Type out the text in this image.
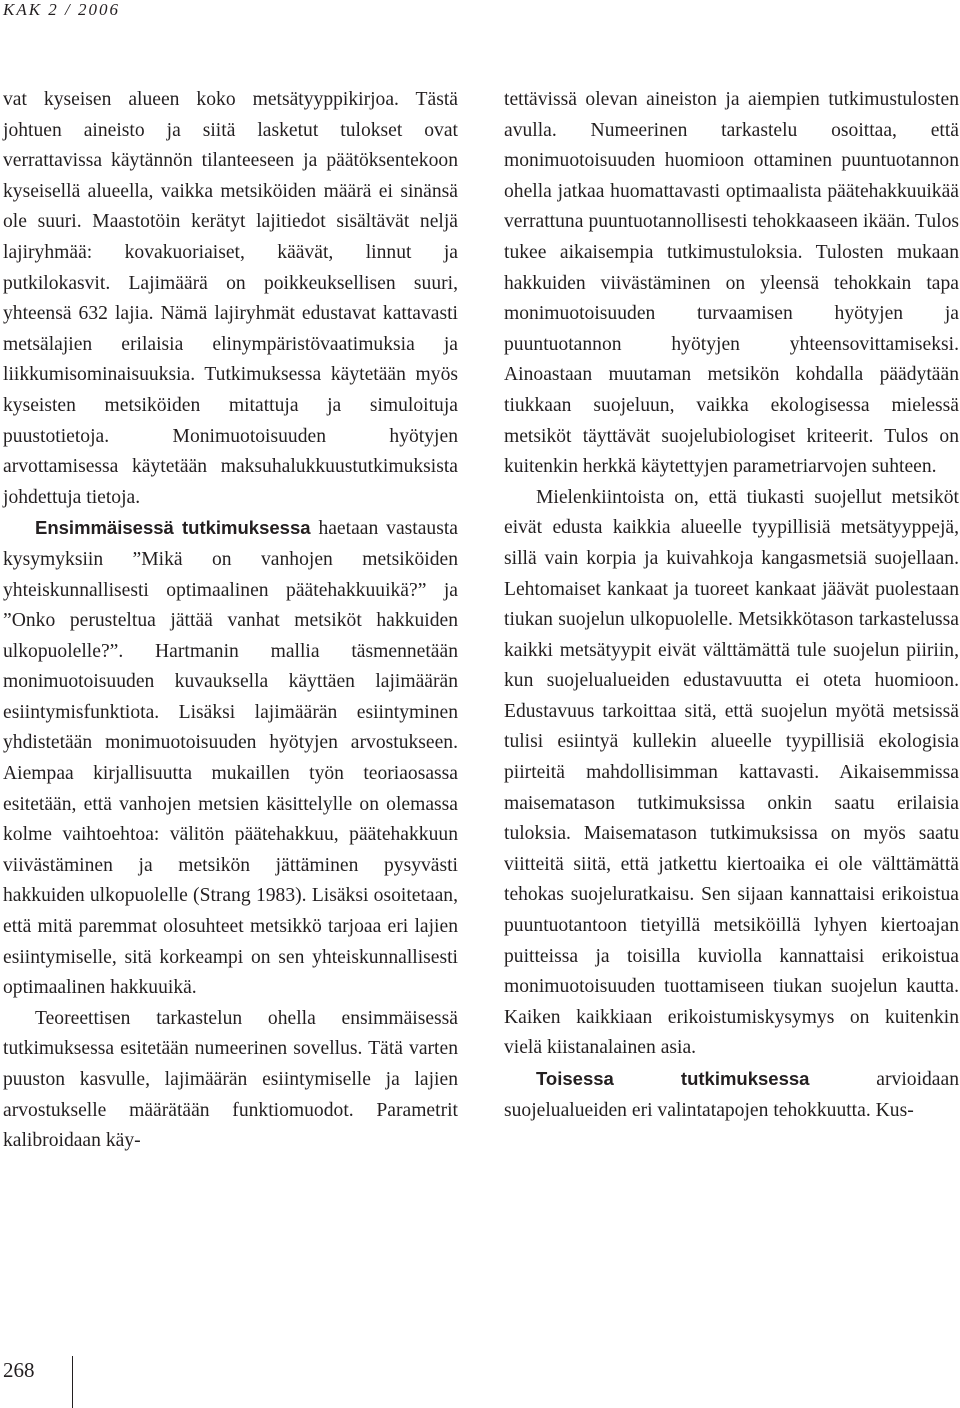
KAK 2 / 2006

vat kyseisen alueen koko metsätyyppikirjoa. Tästä johtuen aineisto ja siitä lasketut tulokset ovat verrattavissa käytännön tilanteeseen ja päätöksentekoon kyseisellä alueella, vaikka metsiköiden määrä ei sinänsä ole suuri. Maastotöin kerätyt lajitiedot sisältävät neljä lajiryhmää: kovakuoriaiset, käävät, linnut ja putkilokasvit. Lajimäärä on poikkeuksellisen suuri, yhteensä 632 lajia. Nämä lajiryhmät edustavat kattavasti metsälajien erilaisia elinympäristövaatimuksia ja liikkumisominaisuuksia. Tutkimuksessa käytetään myös kyseisten metsiköiden mitattuja ja simuloituja puustotietoja. Monimuotoisuuden hyötyjen arvottamisessa käytetään maksuhalukkuustutkimuksista johdettuja tietoja.

Ensimmäisessä tutkimuksessa haetaan vastausta kysymyksiin ”Mikä on vanhojen metsiköiden yhteiskunnallisesti optimaalinen päätehakkuuikä?” ja ”Onko perusteltua jättää vanhat metsiköt hakkuiden ulkopuolelle?”. Hartmanin mallia täsmennetään monimuotoisuuden kuvauksella käyttäen lajimäärän esiintymisfunktiota. Lisäksi lajimäärän esiintyminen yhdistetään monimuotoisuuden hyötyjen arvostukseen. Aiempaa kirjallisuutta mukaillen työn teoriaosassa esitetään, että vanhojen metsien käsittelylle on olemassa kolme vaihtoehtoa: välitön päätehakkuu, päätehakkuun viivästäminen ja metsikön jättäminen pysyvästi hakkuiden ulkopuolelle (Strang 1983). Lisäksi osoitetaan, että mitä paremmat olosuhteet metsikkö tarjoaa eri lajien esiintymiselle, sitä korkeampi on sen yhteiskunnallisesti optimaalinen hakkuuikä.

Teoreettisen tarkastelun ohella ensimmäisessä tutkimuksessa esitetään numeerinen sovellus. Tätä varten puuston kasvulle, lajimäärän esiintymiselle ja lajien arvostukselle määrätään funktiomuodot. Parametrit kalibroidaan käy-

tettävissä olevan aineiston ja aiempien tutkimustulosten avulla. Numeerinen tarkastelu osoittaa, että monimuotoisuuden huomioon ottaminen puuntuotannon ohella jatkaa huomattavasti optimaalista päätehakkuuikää verrattuna puuntuotannollisesti tehokkaaseen ikään. Tulos tukee aikaisempia tutkimustuloksia. Tulosten mukaan hakkuiden viivästäminen on yleensä tehokkain tapa monimuotoisuuden turvaamisen hyötyjen ja puuntuotannon hyötyjen yhteensovittamiseksi. Ainoastaan muutaman metsikön kohdalla päädytään tiukkaan suojeluun, vaikka ekologisessa mielessä metsiköt täyttävät suojelubiologiset kriteerit. Tulos on kuitenkin herkkä käytettyjen parametriarvojen suhteen.

Mielenkiintoista on, että tiukasti suojellut metsiköt eivät edusta kaikkia alueelle tyypillisiä metsätyyppejä, sillä vain korpia ja kuivahkoja kangasmetsiä suojellaan. Lehtomaiset kankaat ja tuoreet kankaat jäävät puolestaan tiukan suojelun ulkopuolelle. Metsikkötason tarkastelussa kaikki metsätyypit eivät välttämättä tule suojelun piiriin, kun suojelualueiden edustavuutta ei oteta huomioon. Edustavuus tarkoittaa sitä, että suojelun myötä metsissä tulisi esiintyä kullekin alueelle tyypillisiä ekologisia piirteitä mahdollisimman kattavasti. Aikaisemmissa maisematason tutkimuksissa onkin saatu erilaisia tuloksia. Maisematason tutkimuksissa on myös saatu viitteitä siitä, että jatkettu kiertoaika ei ole välttämättä tehokas suojeluratkaisu. Sen sijaan kannattaisi erikoistua puuntuotantoon tietyillä metsiköillä lyhyen kiertoajan puitteissa ja toisilla kuviolla kannattaisi erikoistua monimuotoisuuden tuottamiseen tiukan suojelun kautta. Kaiken kaikkiaan erikoistumiskysymys on kuitenkin vielä kiistanalainen asia.

Toisessa tutkimuksessa arvioidaan suojelualueiden eri valintatapojen tehokkuutta. Kus-

268
